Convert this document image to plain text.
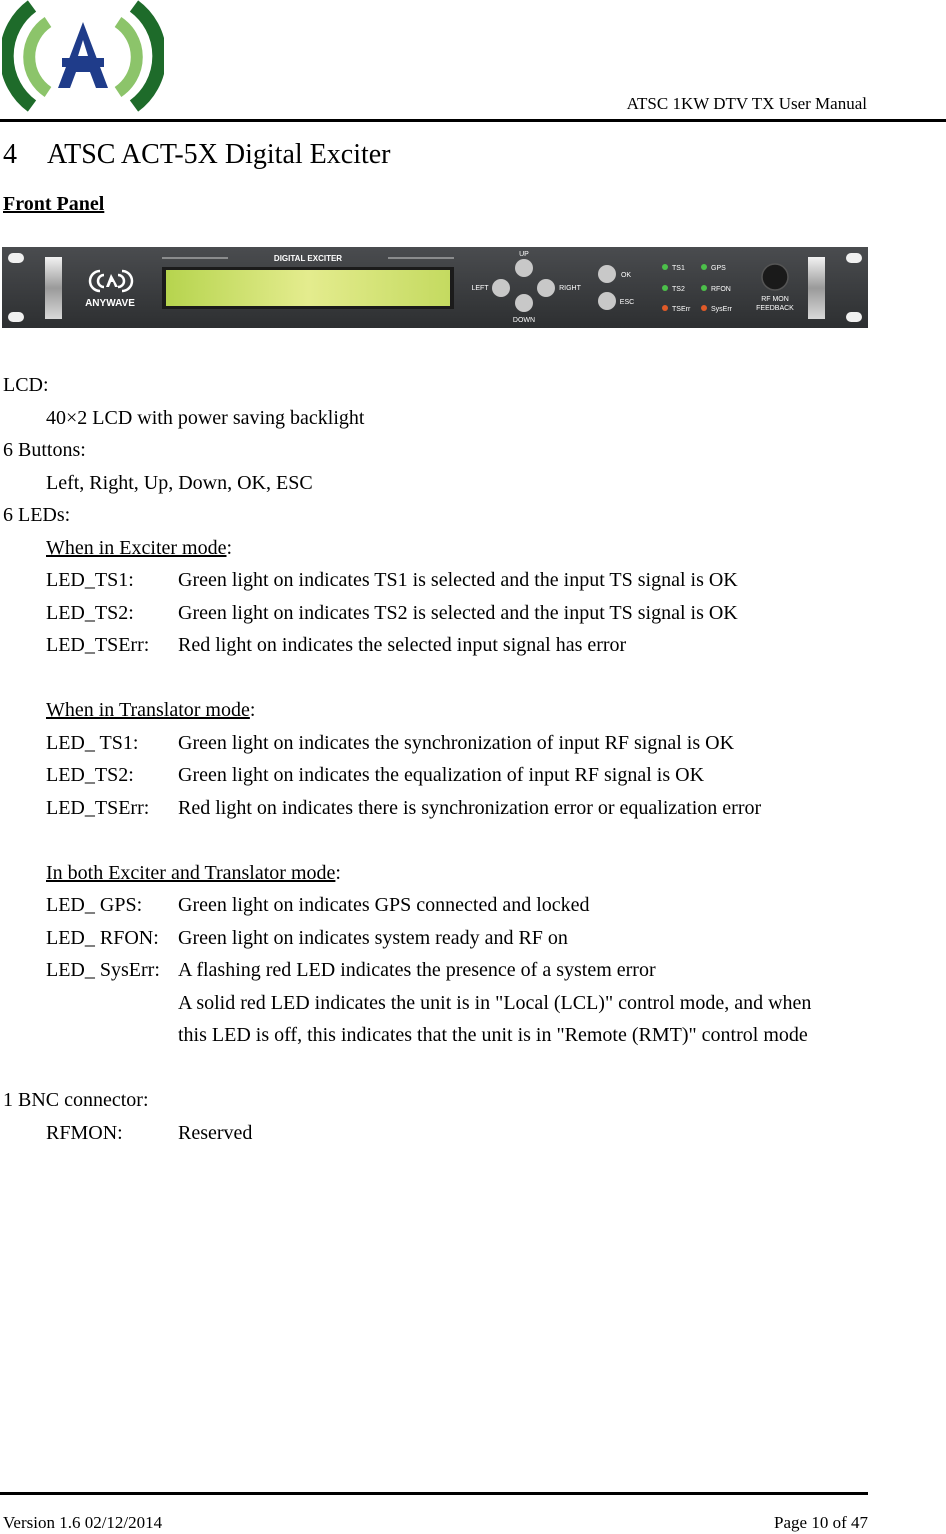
ATSC 1KW DTV TX User Manual
4 ATSC ACT-5X Digital Exciter
Front Panel
ANYWAVE
DIGITAL EXCITER	UP
LEFT	RIGHT
DOWN
OK
ESC
TS1
TS2
TSErr
GPS
RFON
SysErr
RF MON
FEEDBACK
LCD:
40×2 LCD with power saving backlight
6 Buttons:
Left, Right, Up, Down, OK, ESC
6 LEDs:
When in Exciter mode:
LED_TS1: Green light on indicates TS1 is selected and the input TS signal is OK
LED_TS2: Green light on indicates TS2 is selected and the input TS signal is OK
LED_TSErr: Red light on indicates the selected input signal has error
When in Translator mode:
LED_ TS1: Green light on indicates the synchronization of input RF signal is OK
LED_TS2: Green light on indicates the equalization of input RF signal is OK
LED_TSErr: Red light on indicates there is synchronization error or equalization error
In both Exciter and Translator mode:
LED_ GPS: Green light on indicates GPS connected and locked
LED_ RFON: Green light on indicates system ready and RF on
LED_ SysErr: A flashing red LED indicates the presence of a system error
A solid red LED indicates the unit is in "Local (LCL)" control mode, and when
this LED is off, this indicates that the unit is in "Remote (RMT)" control mode
1 BNC connector:
RFMON:	Reserved
Version 1.6 02/12/2014	Page 10 of 47
